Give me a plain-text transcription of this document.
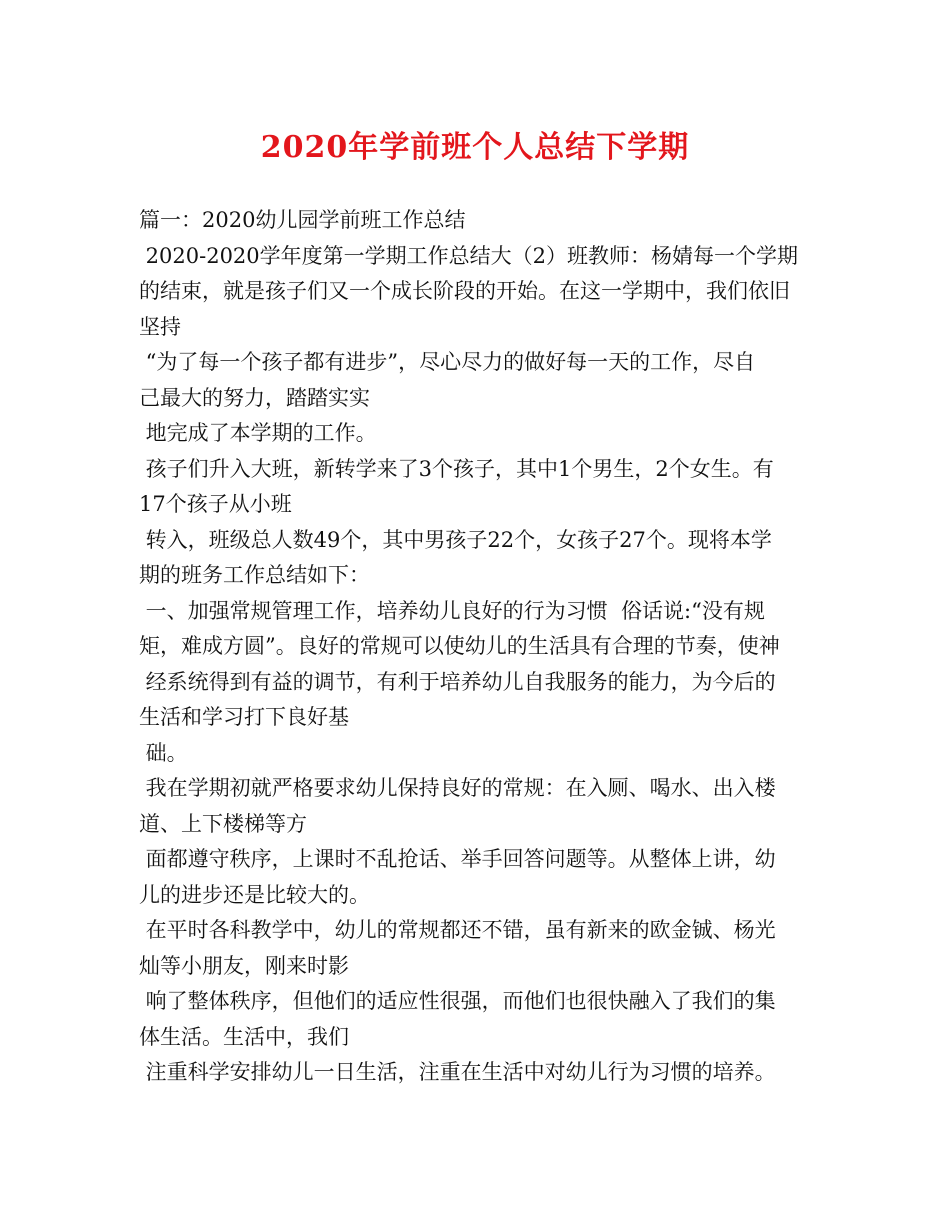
2020年学前班个人总结下学期
篇一：2020幼儿园学前班工作总结
2020-2020学年度第一学期工作总结大（2）班教师：杨婧每一个学期
的结束，就是孩子们又一个成长阶段的开始。在这一学期中，我们依旧
坚持
“为了每一个孩子都有进步”，尽心尽力的做好每一天的工作，尽自
己最大的努力，踏踏实实
地完成了本学期的工作。
孩子们升入大班，新转学来了3个孩子，其中1个男生，2个女生。有
17个孩子从小班
转入，班级总人数49个，其中男孩子22个，女孩子27个。现将本学
期的班务工作总结如下：
一、加强常规管理工作，培养幼儿良好的行为习惯  俗话说:“没有规
矩，难成方圆”。良好的常规可以使幼儿的生活具有合理的节奏，使神
经系统得到有益的调节，有利于培养幼儿自我服务的能力，为今后的
生活和学习打下良好基
础。
我在学期初就严格要求幼儿保持良好的常规：在入厕、喝水、出入楼
道、上下楼梯等方
面都遵守秩序，上课时不乱抢话、举手回答问题等。从整体上讲，幼
儿的进步还是比较大的。
在平时各科教学中，幼儿的常规都还不错，虽有新来的欧金铖、杨光
灿等小朋友，刚来时影
响了整体秩序，但他们的适应性很强，而他们也很快融入了我们的集
体生活。生活中，我们
注重科学安排幼儿一日生活，注重在生活中对幼儿行为习惯的培养。
